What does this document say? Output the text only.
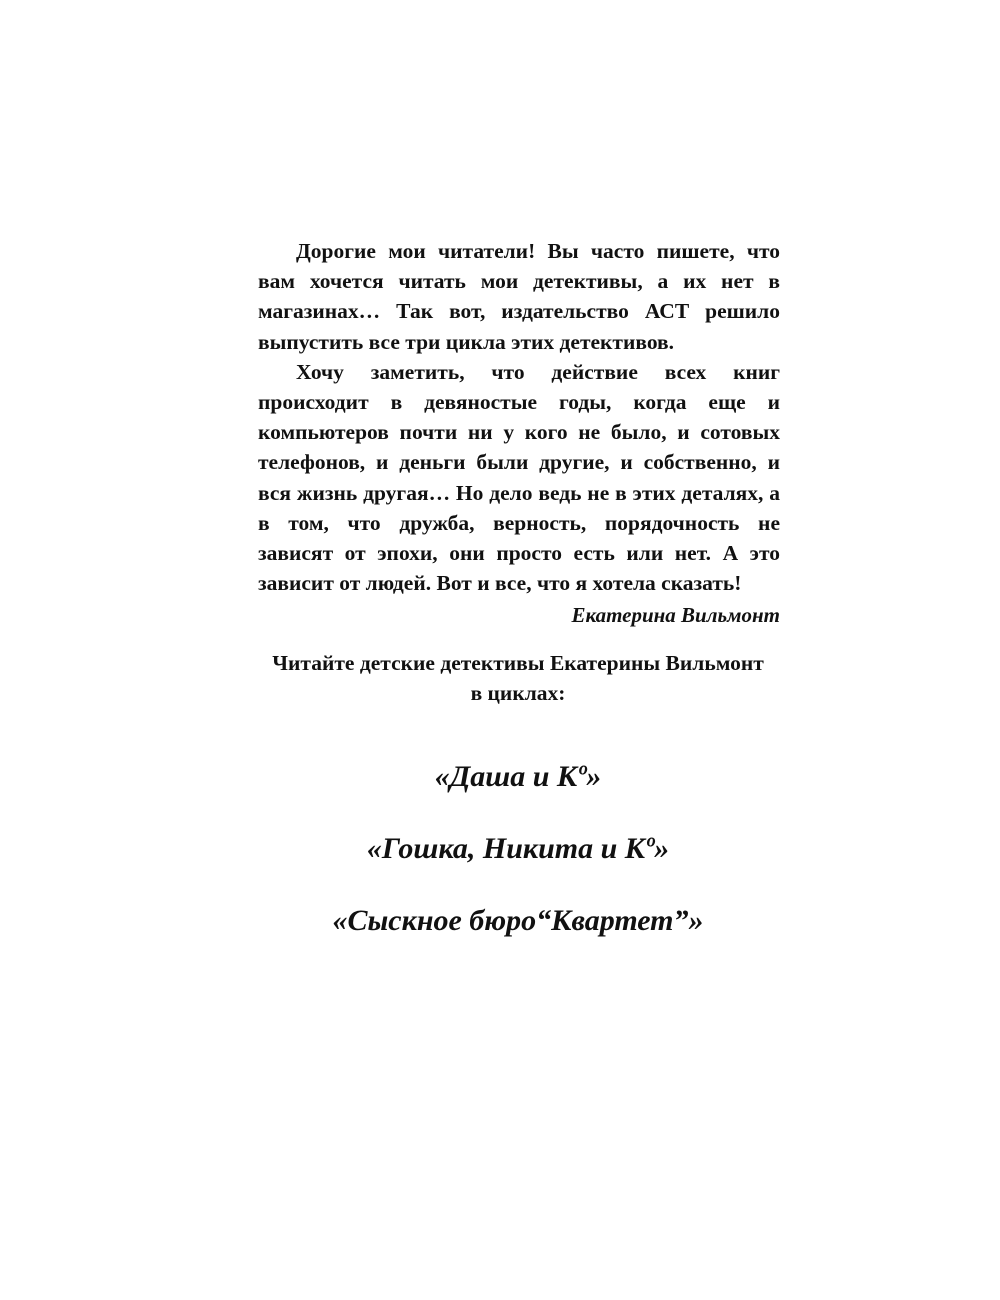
Дорогие мои читатели! Вы часто пишете, что вам хочется читать мои детективы, а их нет в магазинах… Так вот, издательство АСТ решило выпустить все три цикла этих детективов.

Хочу заметить, что действие всех книг происходит в девяностые годы, когда еще и компьютеров почти ни у кого не было, и сотовых телефонов, и деньги были другие, и собственно, и вся жизнь другая… Но дело ведь не в этих деталях, а в том, что дружба, верность, порядочность не зависят от эпохи, они просто есть или нет. А это зависит от людей. Вот и все, что я хотела сказать!

Екатерина Вильмонт
Читайте детские детективы Екатерины Вильмонт
в циклах:
«Даша и Кº»
«Гошка, Никита и Кº»
«Сыскное бюро“Квартет”»
